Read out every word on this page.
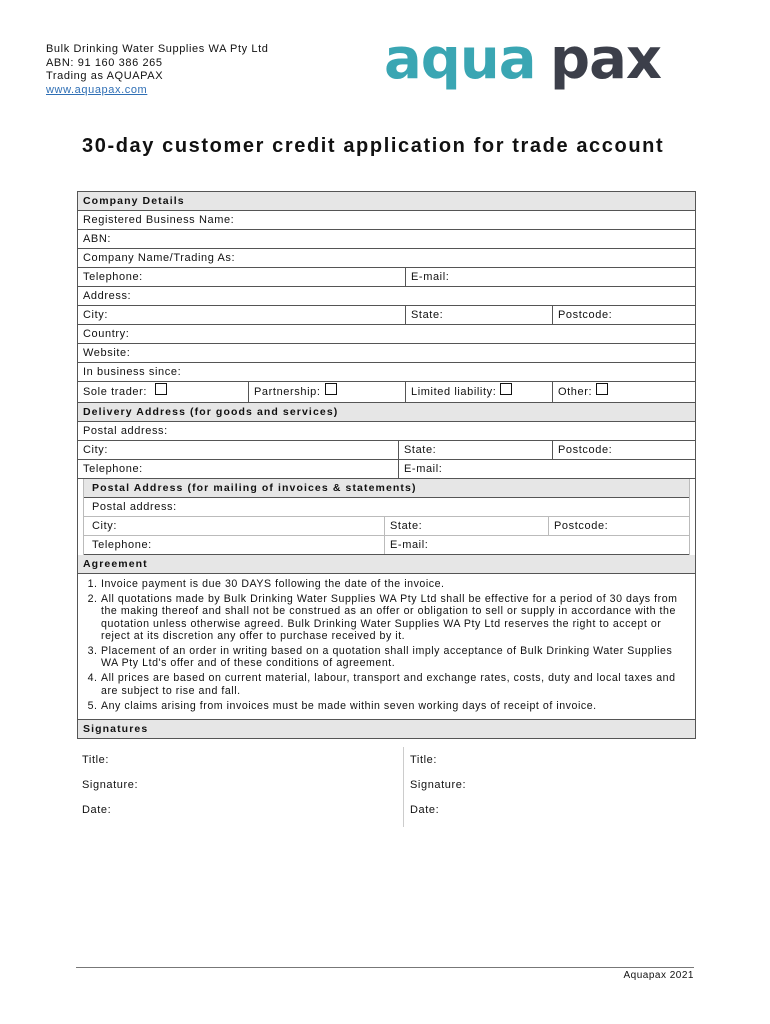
Bulk Drinking Water Supplies WA Pty Ltd
ABN: 91 160 386 265
Trading as AQUAPAX
www.aquapax.com	aqua pax
30-day customer credit application for trade account
Company Details
Registered Business Name:
ABN:
Company Name/Trading As:
Telephone:	E-mail:
Address:
City:	State:	Postcode:
Country:
Website:
In business since:
Sole trader:	Partnership:	Limited liability:	Other:
Delivery Address (for goods and services)
Postal address:
City:	State:	Postcode:
Telephone:	E-mail:
Postal Address (for mailing of invoices & statements)
Postal address:
City:	State:	Postcode:
Telephone:	E-mail:
Agreement
1. Invoice payment is due 30 DAYS following the date of the invoice.
2. All quotations made by Bulk Drinking Water Supplies WA Pty Ltd shall be effective for a period of 30 days from the making thereof and shall not be construed as an offer or obligation to sell or supply in accordance with the quotation unless otherwise agreed. Bulk Drinking Water Supplies WA Pty Ltd reserves the right to accept or reject at its discretion any offer to purchase received by it.
3. Placement of an order in writing based on a quotation shall imply acceptance of Bulk Drinking Water Supplies WA Pty Ltd's offer and of these conditions of agreement.
4. All prices are based on current material, labour, transport and exchange rates, costs, duty and local taxes and are subject to rise and fall.
5. Any claims arising from invoices must be made within seven working days of receipt of invoice.
Signatures
Title:
Signature:
Date:
Title:
Signature:
Date:
Aquapax 2021
